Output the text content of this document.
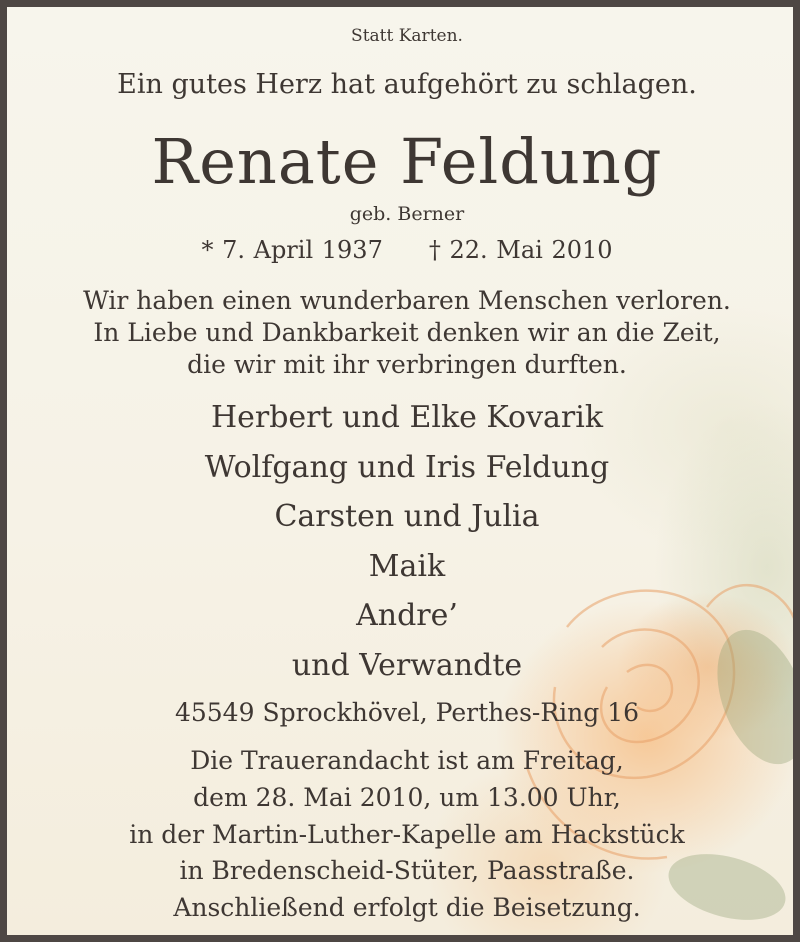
Statt Karten.

Ein gutes Herz hat aufgehört zu schlagen.

Renate Feldung

geb. Berner

* 7. April 1937 † 22. Mai 2010

Wir haben einen wunderbaren Menschen verloren.

In Liebe und Dankbarkeit denken wir an die Zeit,

die wir mit ihr verbringen durften.

Herbert und Elke Kovarik

Wolfgang und Iris Feldung

Carsten und Julia

Maik

Andre’

und Verwandte

45549 Sprockhövel, Perthes-Ring 16

Die Trauerandacht ist am Freitag,

dem 28. Mai 2010, um 13.00 Uhr,

in der Martin-Luther-Kapelle am Hackstück

in Bredenscheid-Stüter, Paasstraße.

Anschließend erfolgt die Beisetzung.
